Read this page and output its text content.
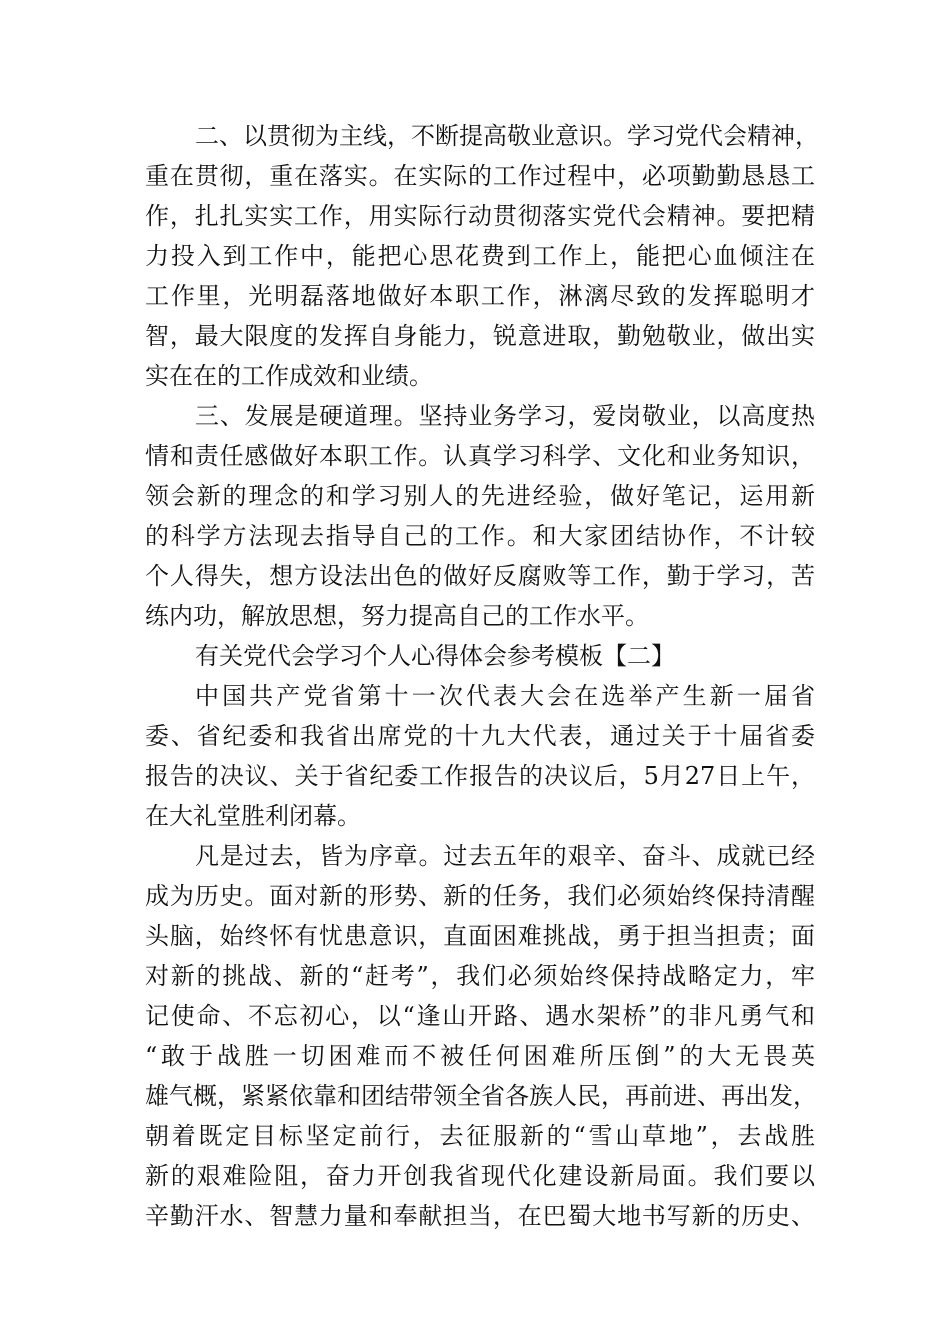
二、以贯彻为主线，不断提高敬业意识。学习党代会精神，
重在贯彻，重在落实。在实际的工作过程中，必项勤勤恳恳工
作，扎扎实实工作，用实际行动贯彻落实党代会精神。要把精
力投入到工作中，能把心思花费到工作上，能把心血倾注在
工作里，光明磊落地做好本职工作，淋漓尽致的发挥聪明才
智，最大限度的发挥自身能力，锐意进取，勤勉敬业，做出实
实在在的工作成效和业绩。
三、发展是硬道理。坚持业务学习，爱岗敬业，以高度热
情和责任感做好本职工作。认真学习科学、文化和业务知识，
领会新的理念的和学习别人的先进经验，做好笔记，运用新
的科学方法现去指导自己的工作。和大家团结协作，不计较
个人得失，想方设法出色的做好反腐败等工作，勤于学习，苦
练内功，解放思想，努力提高自己的工作水平。
有关党代会学习个人心得体会参考模板【二】
中国共产党省第十一次代表大会在选举产生新一届省
委、省纪委和我省出席党的十九大代表，通过关于十届省委
报告的决议、关于省纪委工作报告的决议后，5月27日上午，
在大礼堂胜利闭幕。
凡是过去，皆为序章。过去五年的艰辛、奋斗、成就已经
成为历史。面对新的形势、新的任务，我们必须始终保持清醒
头脑，始终怀有忧患意识，直面困难挑战，勇于担当担责；面
对新的挑战、新的“赶考”，我们必须始终保持战略定力，牢
记使命、不忘初心，以“逢山开路、遇水架桥”的非凡勇气和
“敢于战胜一切困难而不被任何困难所压倒”的大无畏英
雄气概，紧紧依靠和团结带领全省各族人民，再前进、再出发，
朝着既定目标坚定前行，去征服新的“雪山草地”，去战胜
新的艰难险阻，奋力开创我省现代化建设新局面。我们要以
辛勤汗水、智慧力量和奉献担当，在巴蜀大地书写新的历史、
